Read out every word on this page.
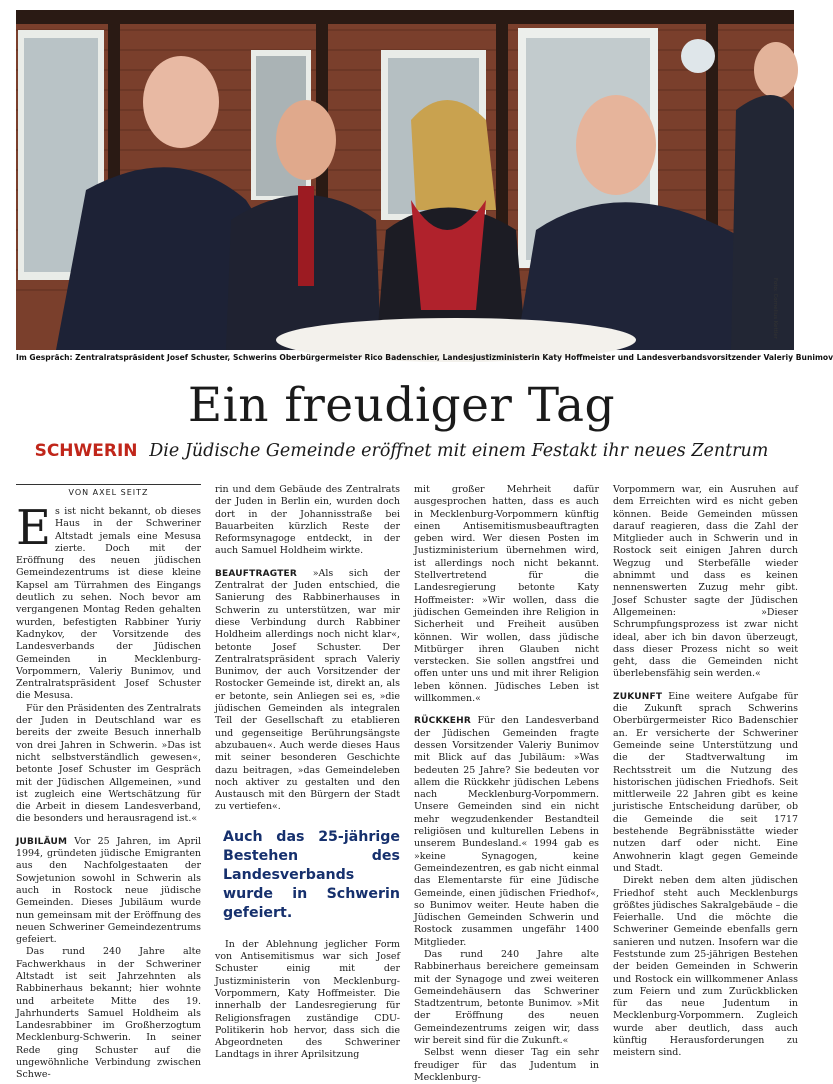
Foto: Cornelius Kettler
Im Gespräch: Zentralratspräsident Josef Schuster, Schwerins Oberbürgermeister Rico Badenschier, Landesjustizministerin Katy Hoffmeister und Landesverbandsvorsitzender Valeriy Bunimov
Ein freudiger Tag
SCHWERIN Die Jüdische Gemeinde eröffnet mit einem Festakt ihr neues Zentrum
VON AXEL SEITZ

Es ist nicht bekannt, ob dieses Haus in der Schweriner Altstadt jemals eine Mesusa zierte. Doch mit der Eröffnung des neuen jüdischen Gemeindezentrums ist diese kleine Kapsel am Türrahmen des Eingangs deutlich zu sehen. Noch bevor am vergangenen Montag Reden gehalten wurden, befestigten Rabbiner Yuriy Kadnykov, der Vorsitzende des Landesverbands der Jüdischen Gemeinden in Mecklenburg-Vorpommern, Valeriy Bunimov, und Zentralratspräsident Josef Schuster die Mesusa.

Für den Präsidenten des Zentralrats der Juden in Deutschland war es bereits der zweite Besuch innerhalb von drei Jahren in Schwerin. »Das ist nicht selbstverständlich gewesen«, betonte Josef Schuster im Gespräch mit der Jüdischen Allgemeinen, »und ist zugleich eine Wertschätzung für die Arbeit in diesem Landesverband, die besonders und herausragend ist.«

JUBILÄUM Vor 25 Jahren, im April 1994, gründeten jüdische Emigranten aus den Nachfolgestaaten der Sowjetunion sowohl in Schwerin als auch in Rostock neue jüdische Gemeinden. Dieses Jubiläum wurde nun gemeinsam mit der Eröffnung des neuen Schweriner Gemeindezentrums gefeiert.

Das rund 240 Jahre alte Fachwerkhaus in der Schweriner Altstadt ist seit Jahrzehnten als Rabbinerhaus bekannt; hier wohnte und arbeitete Mitte des 19. Jahrhunderts Samuel Holdheim als Landesrabbiner im Großherzogtum Mecklenburg-Schwerin. In seiner Rede ging Schuster auf die ungewöhnliche Verbindung zwischen Schwe-

rin und dem Gebäude des Zentralrats der Juden in Berlin ein, wurden doch dort in der Johannisstraße bei Bauarbeiten kürzlich Reste der Reformsynagoge entdeckt, in der auch Samuel Holdheim wirkte.

BEAUFTRAGTER »Als sich der Zentralrat der Juden entschied, die Sanierung des Rabbinerhauses in Schwerin zu unterstützen, war mir diese Verbindung durch Rabbiner Holdheim allerdings noch nicht klar«, betonte Josef Schuster. Der Zentralratspräsident sprach Valeriy Bunimov, der auch Vorsitzender der Rostocker Gemeinde ist, direkt an, als er betonte, sein Anliegen sei es, »die jüdischen Gemeinden als integralen Teil der Gesellschaft zu etablieren und gegenseitige Berührungsängste abzubauen«. Auch werde dieses Haus mit seiner besonderen Geschichte dazu beitragen, »das Gemeindeleben noch aktiver zu gestalten und den Austausch mit den Bürgern der Stadt zu vertiefen«.

Auch das 25-jährige Bestehen des Landesverbands wurde in Schwerin gefeiert.

In der Ablehnung jeglicher Form von Antisemitismus war sich Josef Schuster einig mit der Justizministerin von Mecklenburg-Vorpommern, Katy Hoffmeister. Die innerhalb der Landesregierung für Religionsfragen zuständige CDU-Politikerin hob hervor, dass sich die Abgeordneten des Schweriner Landtags in ihrer Aprilsitzung

mit großer Mehrheit dafür ausgesprochen hatten, dass es auch in Mecklenburg-Vorpommern künftig einen Antisemitismusbeauftragten geben wird. Wer diesen Posten im Justizministerium übernehmen wird, ist allerdings noch nicht bekannt. Stellvertretend für die Landesregierung betonte Katy Hoffmeister: »Wir wollen, dass die jüdischen Gemeinden ihre Religion in Sicherheit und Freiheit ausüben können. Wir wollen, dass jüdische Mitbürger ihren Glauben nicht verstecken. Sie sollen angstfrei und offen unter uns und mit ihrer Religion leben können. Jüdisches Leben ist willkommen.«

RÜCKKEHR Für den Landesverband der Jüdischen Gemeinden fragte dessen Vorsitzender Valeriy Bunimov mit Blick auf das Jubiläum: »Was bedeuten 25 Jahre? Sie bedeuten vor allem die Rückkehr jüdischen Lebens nach Mecklenburg-Vorpommern. Unsere Gemeinden sind ein nicht mehr wegzudenkender Bestandteil religiösen und kulturellen Lebens in unserem Bundesland.« 1994 gab es »keine Synagogen, keine Gemeindezentren, es gab nicht einmal das Elementarste für eine Jüdische Gemeinde, einen jüdischen Friedhof«, so Bunimov weiter. Heute haben die Jüdischen Gemeinden Schwerin und Rostock zusammen ungefähr 1400 Mitglieder.

Das rund 240 Jahre alte Rabbinerhaus bereichere gemeinsam mit der Synagoge und zwei weiteren Gemeindehäusern das Schweriner Stadtzentrum, betonte Bunimov. »Mit der Eröffnung des neuen Gemeindezentrums zeigen wir, dass wir bereit sind für die Zukunft.«

Selbst wenn dieser Tag ein sehr freudiger für das Judentum in Mecklenburg-

Vorpommern war, ein Ausruhen auf dem Erreichten wird es nicht geben können. Beide Gemeinden müssen darauf reagieren, dass die Zahl der Mitglieder auch in Schwerin und in Rostock seit einigen Jahren durch Wegzug und Sterbefälle wieder abnimmt und dass es keinen nennenswerten Zuzug mehr gibt. Josef Schuster sagte der Jüdischen Allgemeinen: »Dieser Schrumpfungsprozess ist zwar nicht ideal, aber ich bin davon überzeugt, dass dieser Prozess nicht so weit geht, dass die Gemeinden nicht überlebensfähig sein werden.«

ZUKUNFT Eine weitere Aufgabe für die Zukunft sprach Schwerins Oberbürgermeister Rico Badenschier an. Er versicherte der Schweriner Gemeinde seine Unterstützung und die der Stadtverwaltung im Rechtsstreit um die Nutzung des historischen jüdischen Friedhofs. Seit mittlerweile 22 Jahren gibt es keine juristische Entscheidung darüber, ob die Gemeinde die seit 1717 bestehende Begräbnisstätte wieder nutzen darf oder nicht. Eine Anwohnerin klagt gegen Gemeinde und Stadt.

Direkt neben dem alten jüdischen Friedhof steht auch Mecklenburgs größtes jüdisches Sakralgebäude – die Feierhalle. Und die möchte die Schweriner Gemeinde ebenfalls gern sanieren und nutzen. Insofern war die Feststunde zum 25-jährigen Bestehen der beiden Gemeinden in Schwerin und Rostock ein willkommener Anlass zum Feiern und zum Zurückblicken für das neue Judentum in Mecklenburg-Vorpommern. Zugleich wurde aber deutlich, dass auch künftig Herausforderungen zu meistern sind.
